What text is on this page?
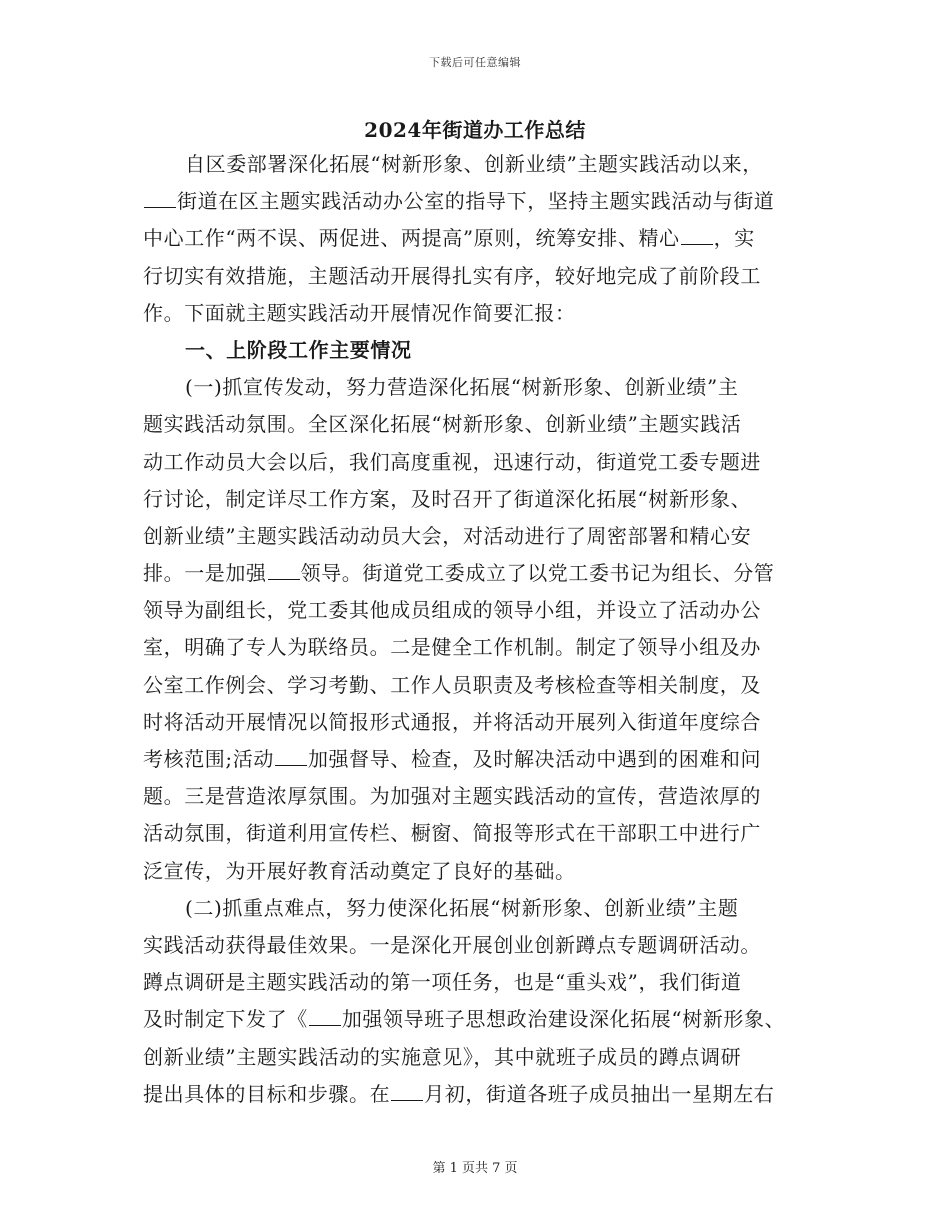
下载后可任意编辑
2024年街道办工作总结
自区委部署深化拓展“树新形象、创新业绩”主题实践活动以来，
街道在区主题实践活动办公室的指导下，坚持主题实践活动与街道
中心工作“两不误、两促进、两提高”原则，统筹安排、精心 ，实
行切实有效措施，主题活动开展得扎实有序，较好地完成了前阶段工
作。下面就主题实践活动开展情况作简要汇报：
一、上阶段工作主要情况
(一)抓宣传发动，努力营造深化拓展“树新形象、创新业绩”主
题实践活动氛围。全区深化拓展“树新形象、创新业绩”主题实践活
动工作动员大会以后，我们高度重视，迅速行动，街道党工委专题进
行讨论，制定详尽工作方案，及时召开了街道深化拓展“树新形象、
创新业绩”主题实践活动动员大会，对活动进行了周密部署和精心安
排。一是加强 领导。街道党工委成立了以党工委书记为组长、分管
领导为副组长，党工委其他成员组成的领导小组，并设立了活动办公
室，明确了专人为联络员。二是健全工作机制。制定了领导小组及办
公室工作例会、学习考勤、工作人员职责及考核检查等相关制度，及
时将活动开展情况以简报形式通报，并将活动开展列入街道年度综合
考核范围;活动 加强督导、检查，及时解决活动中遇到的困难和问
题。三是营造浓厚氛围。为加强对主题实践活动的宣传，营造浓厚的
活动氛围，街道利用宣传栏、橱窗、简报等形式在干部职工中进行广
泛宣传，为开展好教育活动奠定了良好的基础。
(二)抓重点难点，努力使深化拓展“树新形象、创新业绩”主题
实践活动获得最佳效果。一是深化开展创业创新蹲点专题调研活动。
蹲点调研是主题实践活动的第一项任务，也是“重头戏”，我们街道
及时制定下发了《 加强领导班子思想政治建设深化拓展“树新形象、
创新业绩”主题实践活动的实施意见》，其中就班子成员的蹲点调研
提出具体的目标和步骤。在 月初，街道各班子成员抽出一星期左右
第 1 页共 7 页
